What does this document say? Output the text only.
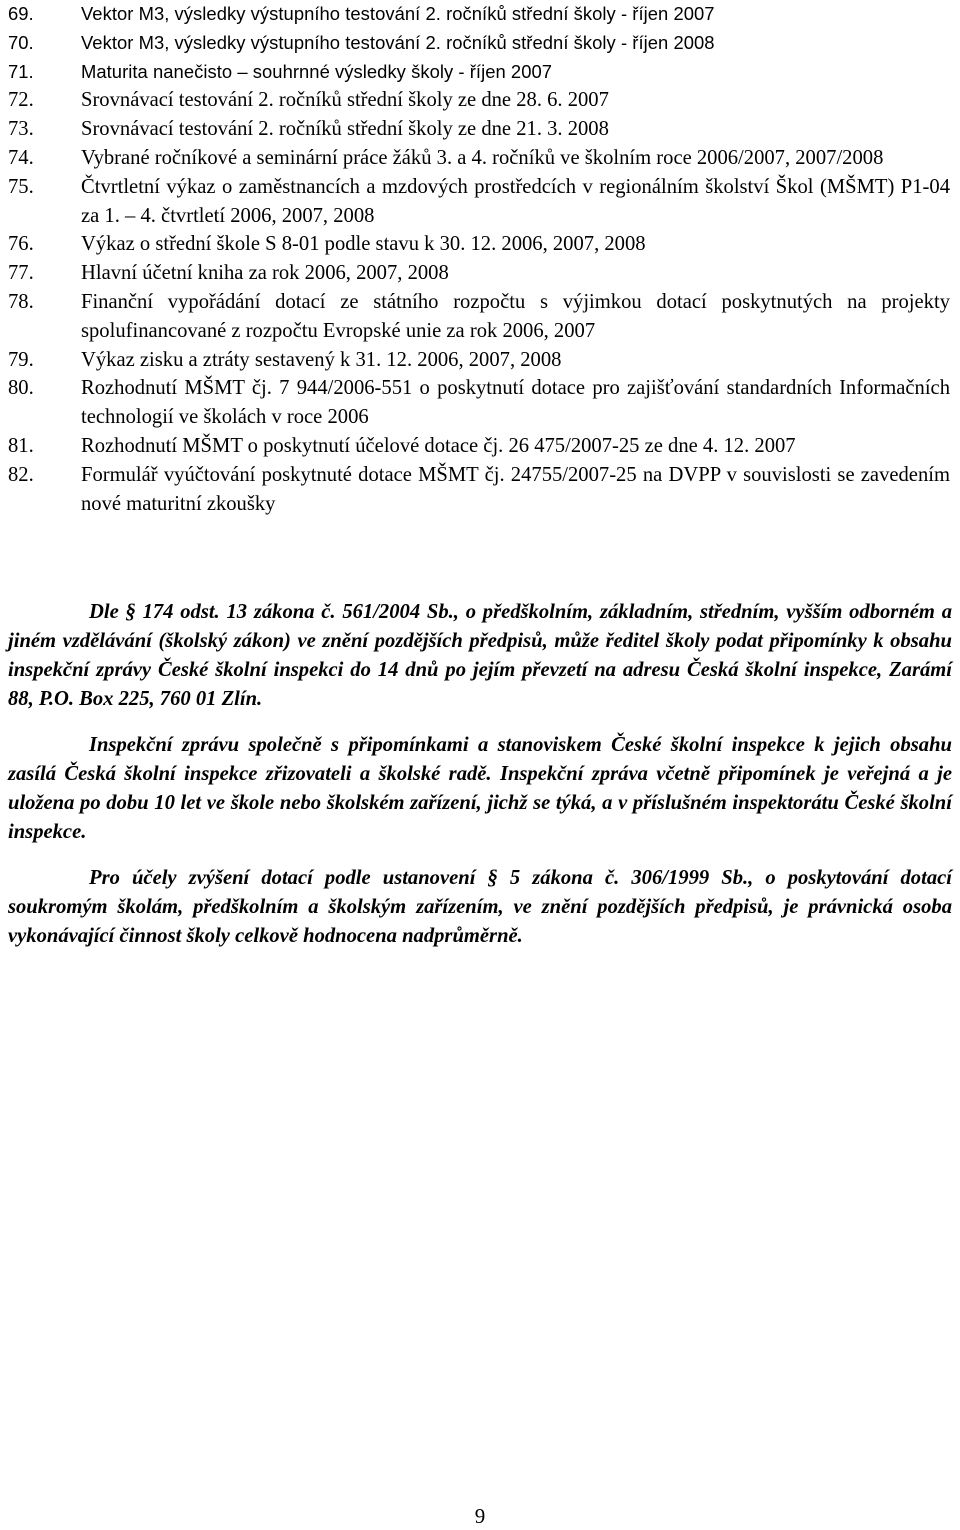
69.	Vektor M3, výsledky výstupního testování 2. ročníků střední školy - říjen 2007
70.	Vektor M3, výsledky výstupního testování 2. ročníků střední školy - říjen 2008
71.	Maturita nanečisto – souhrnné výsledky školy - říjen 2007
72. Srovnávací testování 2. ročníků střední školy ze dne 28. 6. 2007
73. Srovnávací testování 2. ročníků střední školy ze dne 21. 3. 2008
74. Vybrané ročníkové a seminární práce žáků 3. a 4. ročníků ve školním roce 2006/2007, 2007/2008
75. Čtvrtletní výkaz o zaměstnancích a mzdových prostředcích v regionálním školství Škol (MŠMT) P1-04 za 1. – 4. čtvrtletí 2006, 2007, 2008
76. Výkaz o střední škole S 8-01 podle stavu k 30. 12. 2006, 2007, 2008
77. Hlavní účetní kniha za rok 2006, 2007, 2008
78. Finanční vypořádání dotací ze státního rozpočtu s výjimkou dotací poskytnutých na projekty spolufinancované z rozpočtu Evropské unie za rok 2006, 2007
79. Výkaz zisku a ztráty sestavený k 31. 12. 2006, 2007, 2008
80. Rozhodnutí MŠMT čj. 7 944/2006-551 o poskytnutí dotace pro zajišťování standardních Informačních technologií ve školách v roce 2006
81. Rozhodnutí MŠMT o poskytnutí účelové dotace čj. 26 475/2007-25 ze dne 4. 12. 2007
82. Formulář vyúčtování poskytnuté dotace MŠMT čj. 24755/2007-25 na DVPP v souvislosti se zavedením nové maturitní zkoušky

Dle § 174 odst. 13 zákona č. 561/2004 Sb., o předškolním, základním, středním, vyšším odborném a jiném vzdělávání (školský zákon) ve znění pozdějších předpisů, může ředitel školy podat připomínky k obsahu inspekční zprávy České školní inspekci do 14 dnů po jejím převzetí na adresu Česká školní inspekce, Zarámí 88, P.O. Box 225, 760 01 Zlín.

Inspekční zprávu společně s připomínkami a stanoviskem České školní inspekce k jejich obsahu zasílá Česká školní inspekce zřizovateli a školské radě. Inspekční zpráva včetně připomínek je veřejná a je uložena po dobu 10 let ve škole nebo školském zařízení, jichž se týká, a v příslušném inspektorátu České školní inspekce.

Pro účely zvýšení dotací podle ustanovení § 5 zákona č. 306/1999 Sb., o poskytování dotací soukromým školám, předškolním a školským zařízením, ve znění pozdějších předpisů, je právnická osoba vykonávající činnost školy celkově hodnocena nadprůměrně.

9
